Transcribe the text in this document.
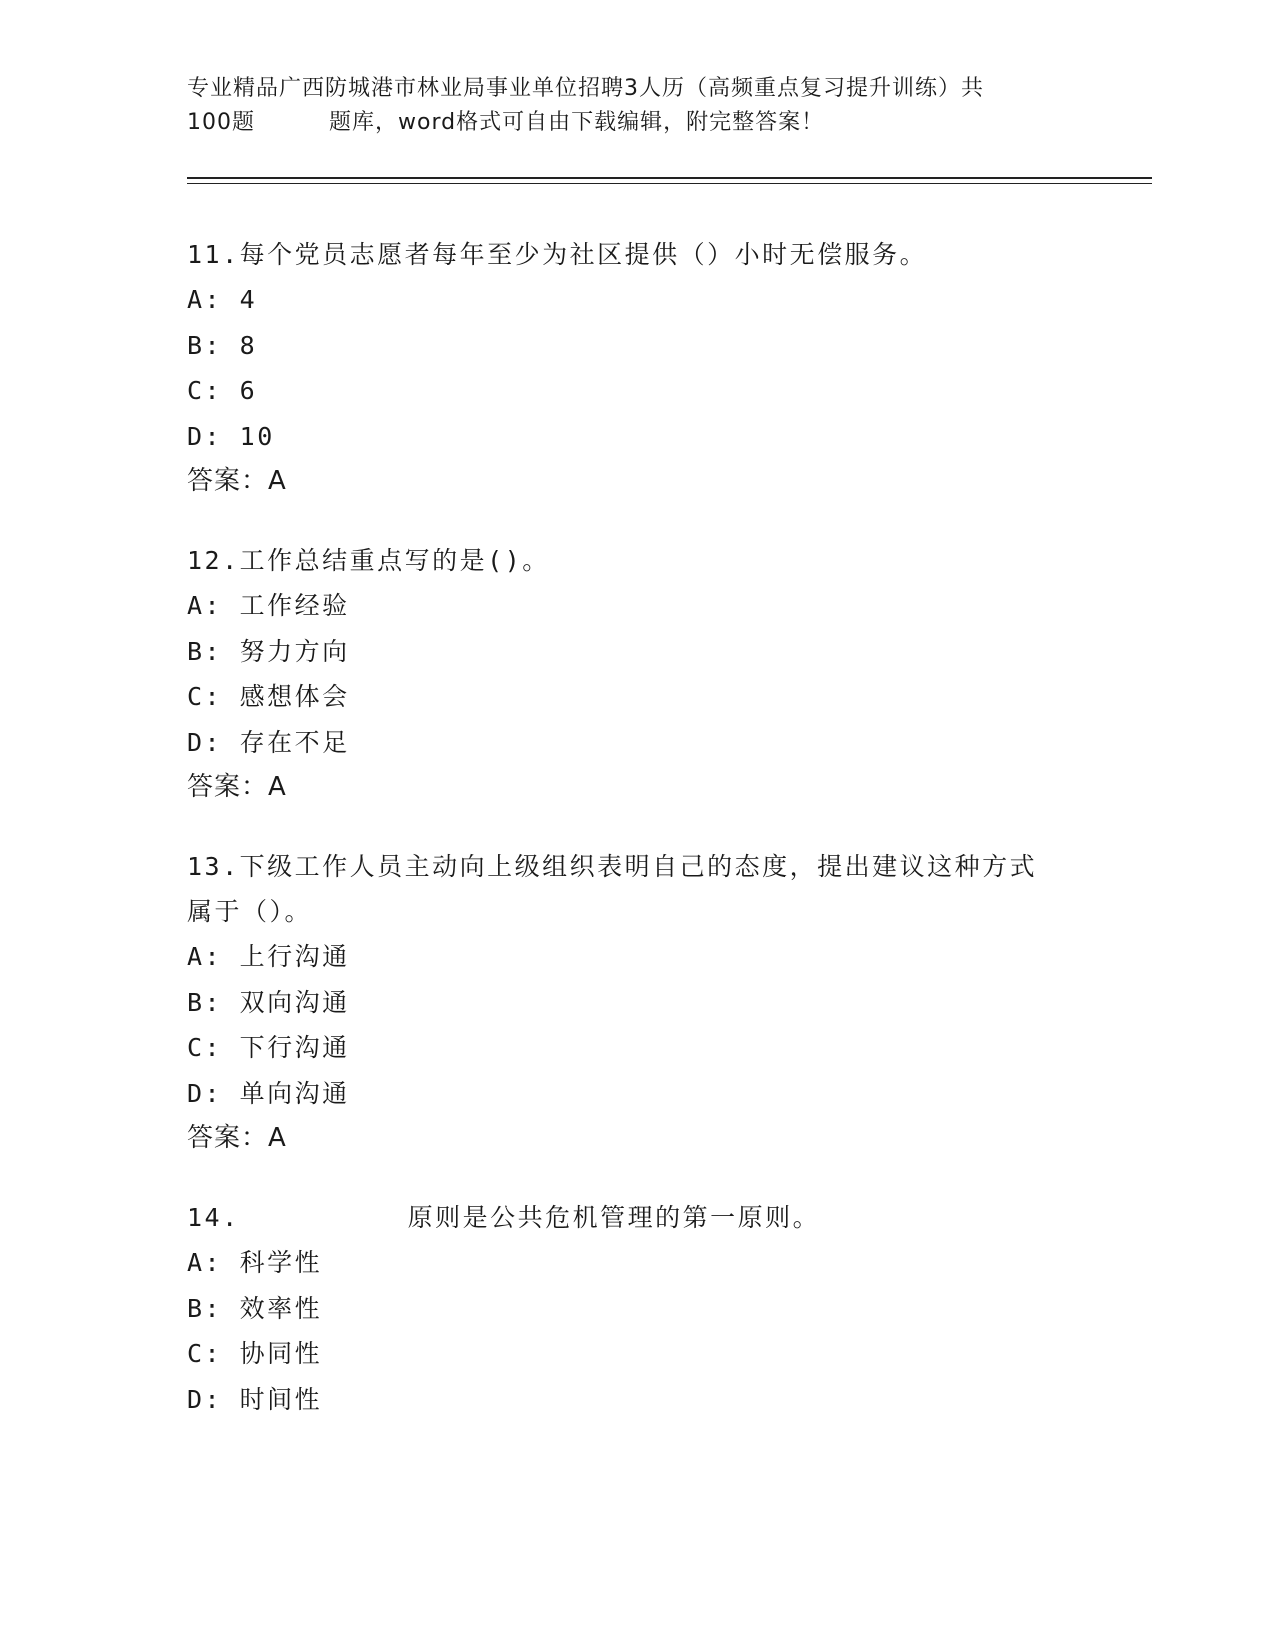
专业精品广西防城港市林业局事业单位招聘3人历（高频重点复习提升训练）共
100题	题库，word格式可自由下载编辑，附完整答案！

11.每个党员志愿者每年至少为社区提供（）小时无偿服务。

A: 4

B: 8

C: 6

D: 10

答案：A

12.工作总结重点写的是()。

A: 工作经验

B: 努力方向

C: 感想体会

D: 存在不足

答案：A

13.下级工作人员主动向上级组织表明自己的态度，提出建议这种方式

属于（）。

A: 上行沟通

B: 双向沟通

C: 下行沟通

D: 单向沟通

答案：A

14.	原则是公共危机管理的第一原则。

A: 科学性

B: 效率性

C: 协同性

D: 时间性
